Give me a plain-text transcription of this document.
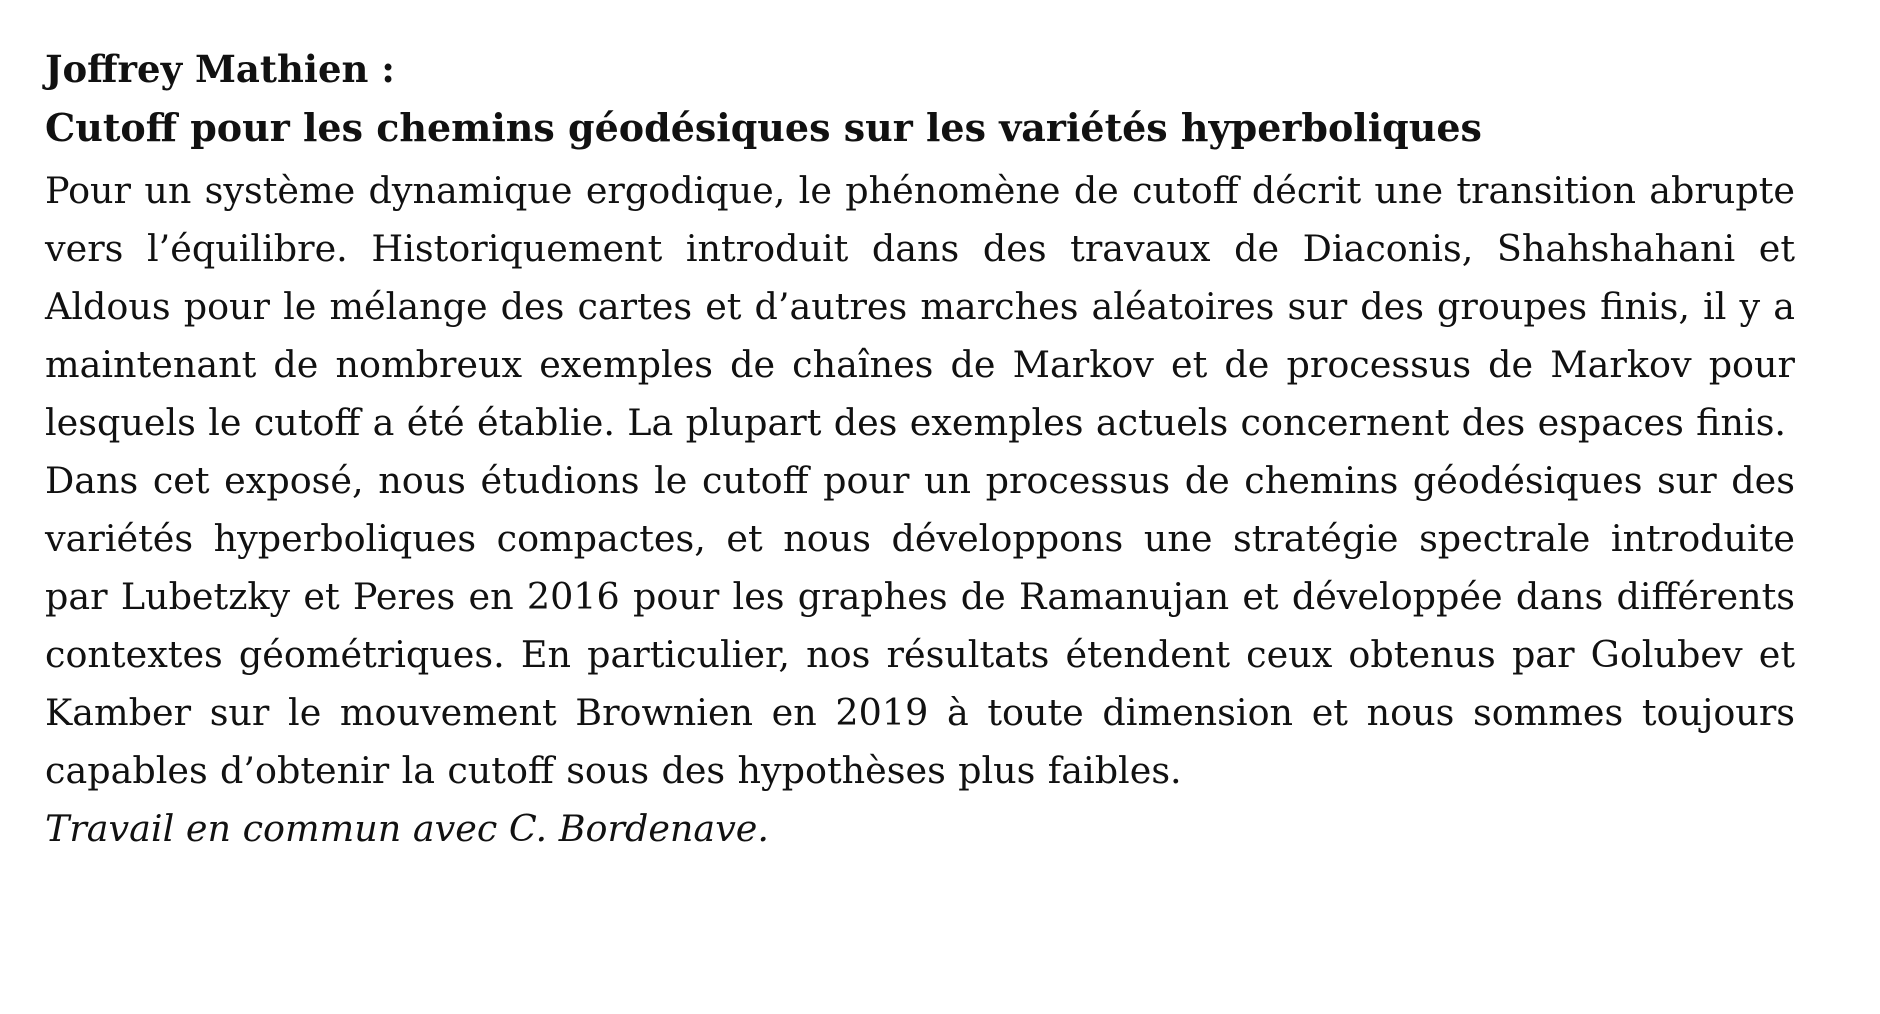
Joffrey Mathien :

Cutoff pour les chemins géodésiques sur les variétés hyperboliques

Pour un système dynamique ergodique, le phénomène de cutoff décrit une transition abrupte vers l’équilibre. Historiquement introduit dans des travaux de Diaconis, Shahshahani et Aldous pour le mélange des cartes et d’autres marches aléatoires sur des groupes finis, il y a maintenant de nombreux exemples de chaînes de Markov et de processus de Markov pour lesquels le cutoff a été établie. La plupart des exemples actuels concernent des espaces finis.

Dans cet exposé, nous étudions le cutoff pour un processus de chemins géodésiques sur des variétés hyperboliques compactes, et nous développons une stratégie spectrale introduite par Lubetzky et Peres en 2016 pour les graphes de Ramanujan et développée dans différents contextes géométriques. En particulier, nos résultats étendent ceux obtenus par Golubev et Kamber sur le mouvement Brownien en 2019 à toute dimension et nous sommes toujours capables d’obtenir la cutoff sous des hypothèses plus faibles.

Travail en commun avec C. Bordenave.
